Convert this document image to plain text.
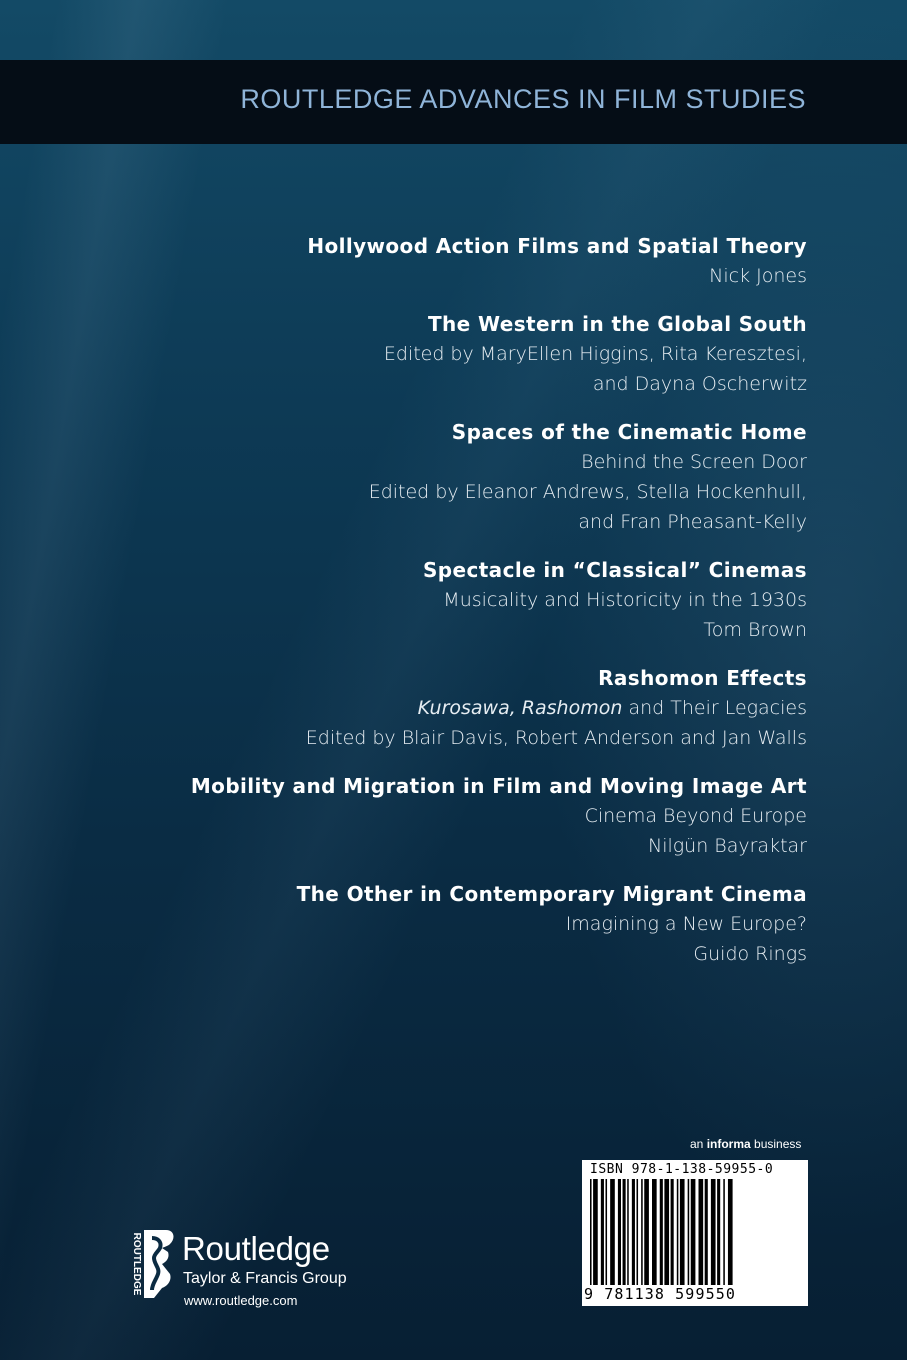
ROUTLEDGE ADVANCES IN FILM STUDIES
Hollywood Action Films and Spatial Theory
Nick Jones
The Western in the Global South
Edited by MaryEllen Higgins, Rita Keresztesi,
and Dayna Oscherwitz
Spaces of the Cinematic Home
Behind the Screen Door
Edited by Eleanor Andrews, Stella Hockenhull,
and Fran Pheasant-Kelly
Spectacle in “Classical” Cinemas
Musicality and Historicity in the 1930s
Tom Brown
Rashomon Effects
Kurosawa, Rashomon and Their Legacies
Edited by Blair Davis, Robert Anderson and Jan Walls
Mobility and Migration in Film and Moving Image Art
Cinema Beyond Europe
Nilgün Bayraktar
The Other in Contemporary Migrant Cinema
Imagining a New Europe?
Guido Rings
an informa business
ISBN 978-1-138-59955-0
9 781138 599550
ROUTLEDGE Routledge
Taylor & Francis Group
www.routledge.com
